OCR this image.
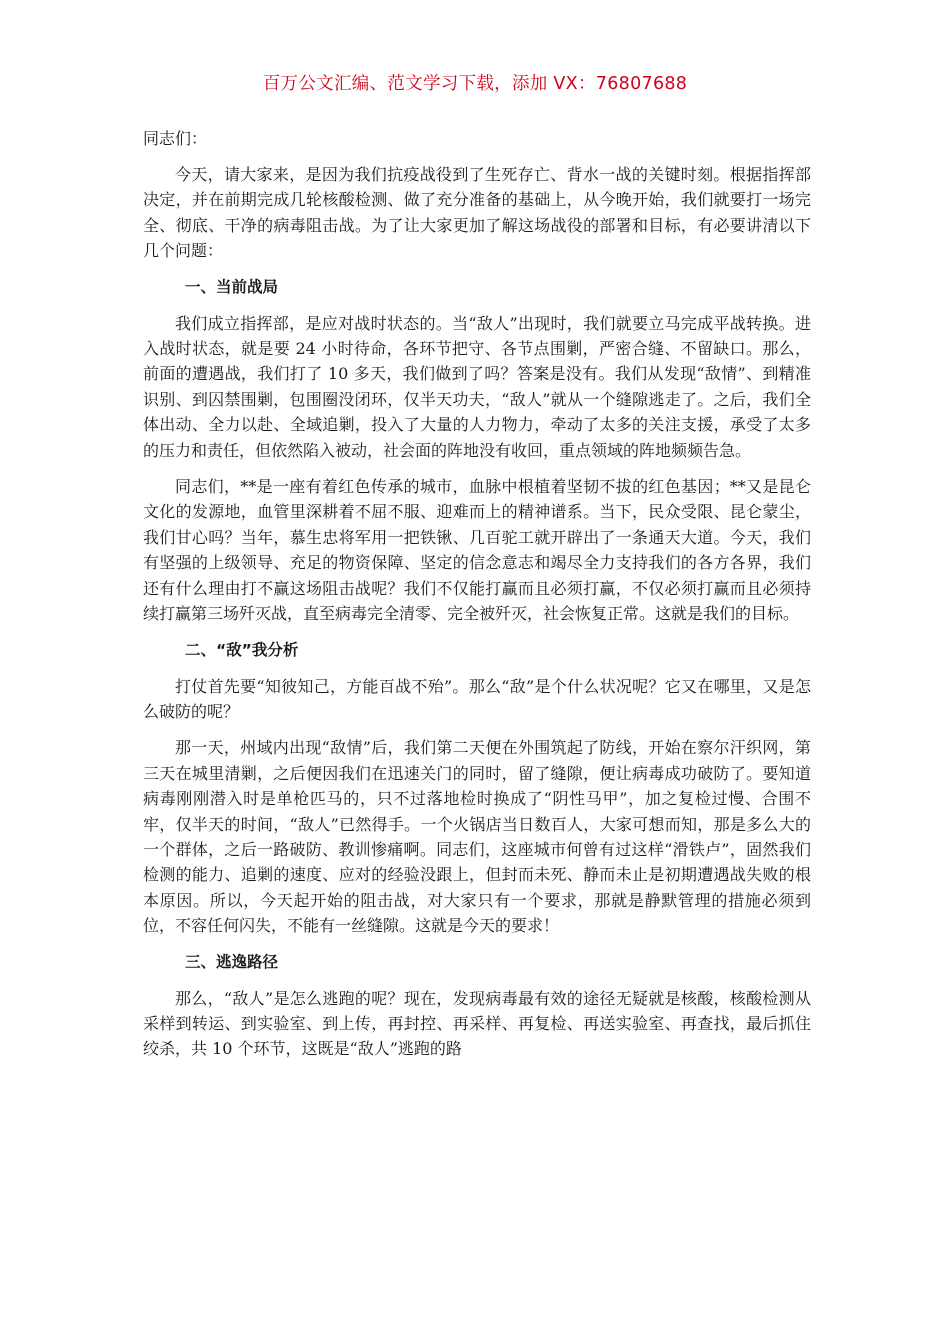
百万公文汇编、范文学习下载，添加 VX：76807688

同志们：

今天，请大家来，是因为我们抗疫战役到了生死存亡、背水一战的关键时刻。根据指挥部决定，并在前期完成几轮核酸检测、做了充分准备的基础上，从今晚开始，我们就要打一场完全、彻底、干净的病毒阻击战。为了让大家更加了解这场战役的部署和目标，有必要讲清以下几个问题：

一、当前战局

我们成立指挥部，是应对战时状态的。当“敌人”出现时，我们就要立马完成平战转换。进入战时状态，就是要 24 小时待命，各环节把守、各节点围剿，严密合缝、不留缺口。那么，前面的遭遇战，我们打了 10 多天，我们做到了吗？答案是没有。我们从发现“敌情”、到精准识别、到囚禁围剿，包围圈没闭环，仅半天功夫，“敌人”就从一个缝隙逃走了。之后，我们全体出动、全力以赴、全域追剿，投入了大量的人力物力，牵动了太多的关注支援，承受了太多的压力和责任，但依然陷入被动，社会面的阵地没有收回，重点领域的阵地频频告急。

同志们，**是一座有着红色传承的城市，血脉中根植着坚韧不拔的红色基因；**又是昆仑文化的发源地，血管里深耕着不屈不服、迎难而上的精神谱系。当下，民众受限、昆仑蒙尘，我们甘心吗？当年，慕生忠将军用一把铁锹、几百驼工就开辟出了一条通天大道。今天，我们有坚强的上级领导、充足的物资保障、坚定的信念意志和竭尽全力支持我们的各方各界，我们还有什么理由打不赢这场阻击战呢？我们不仅能打赢而且必须打赢，不仅必须打赢而且必须持续打赢第三场歼灭战，直至病毒完全清零、完全被歼灭，社会恢复正常。这就是我们的目标。

二、“敌”我分析

打仗首先要“知彼知己，方能百战不殆”。那么“敌”是个什么状况呢？它又在哪里，又是怎么破防的呢？

那一天，州域内出现“敌情”后，我们第二天便在外围筑起了防线，开始在察尔汗织网，第三天在城里清剿，之后便因我们在迅速关门的同时，留了缝隙，便让病毒成功破防了。要知道病毒刚刚潜入时是单枪匹马的，只不过落地检时换成了“阴性马甲”，加之复检过慢、合围不牢，仅半天的时间，“敌人”已然得手。一个火锅店当日数百人，大家可想而知，那是多么大的一个群体，之后一路破防、教训惨痛啊。同志们，这座城市何曾有过这样“滑铁卢”，固然我们检测的能力、追剿的速度、应对的经验没跟上，但封而未死、静而未止是初期遭遇战失败的根本原因。所以，今天起开始的阻击战，对大家只有一个要求，那就是静默管理的措施必须到位，不容任何闪失，不能有一丝缝隙。这就是今天的要求！

三、逃逸路径

那么，“敌人”是怎么逃跑的呢？现在，发现病毒最有效的途径无疑就是核酸，核酸检测从采样到转运、到实验室、到上传，再封控、再采样、再复检、再送实验室、再查找，最后抓住绞杀，共 10 个环节，这既是“敌人”逃跑的路
